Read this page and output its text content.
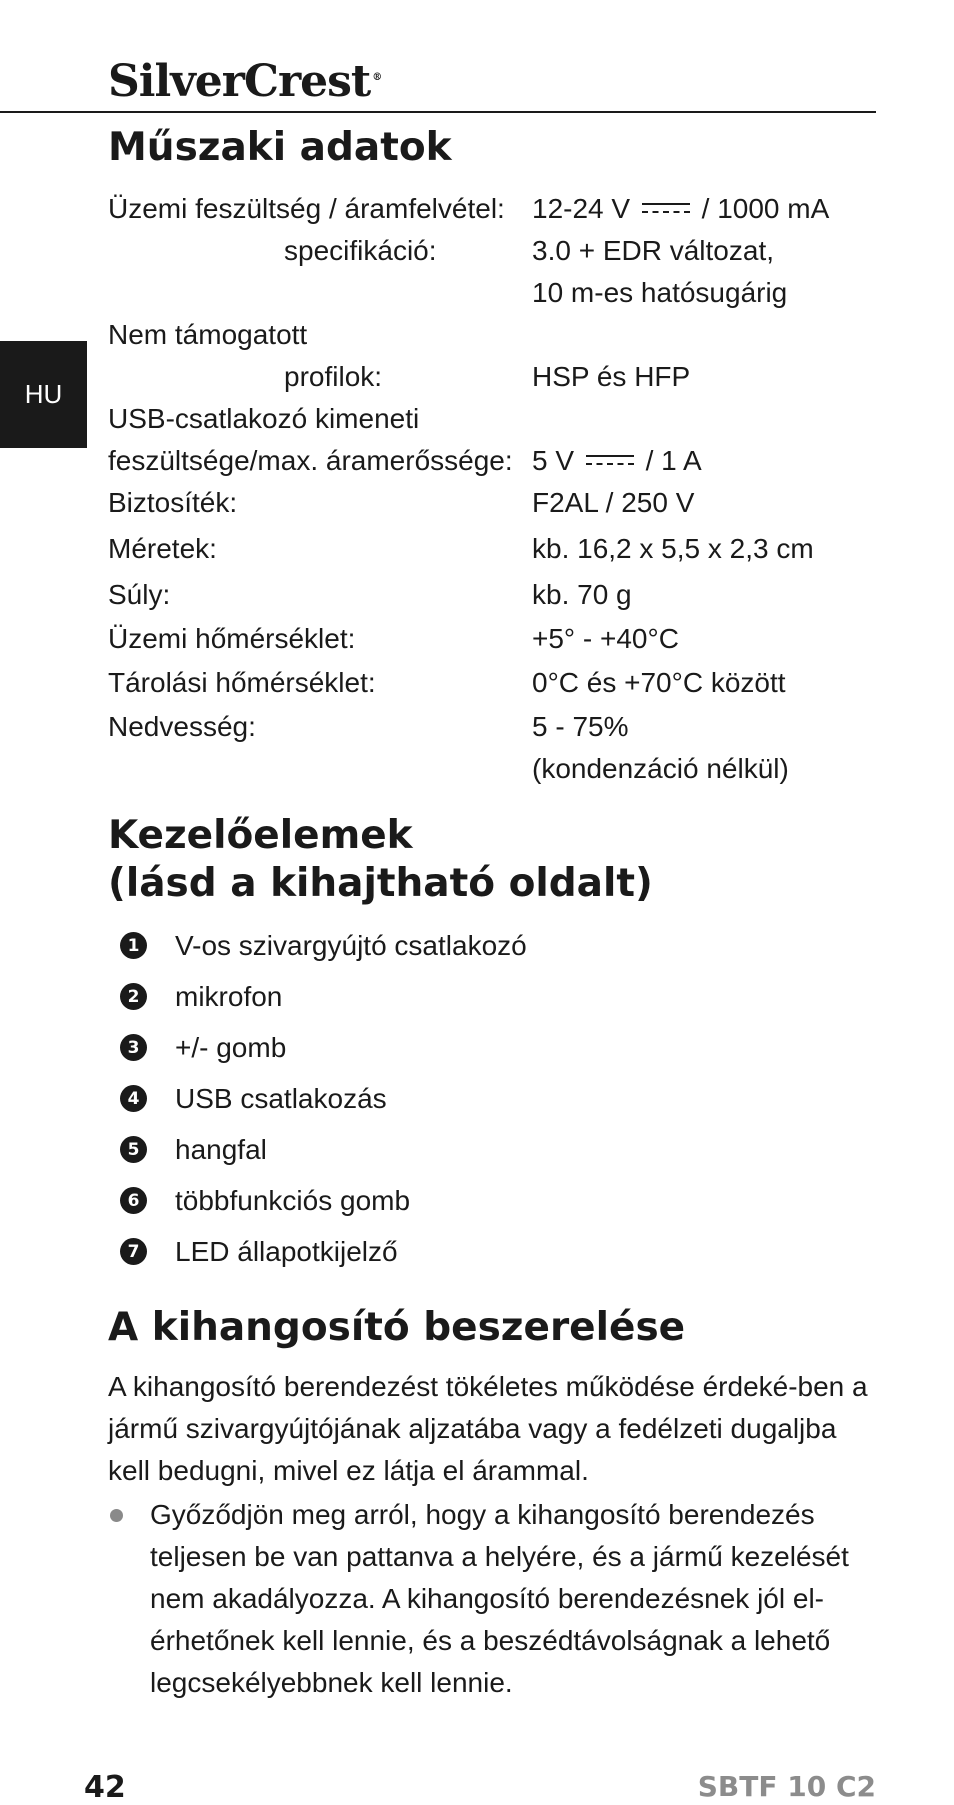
SilverCrest ®
HU
Műszaki adatok
Üzemi feszültség / áramfelvétel: 12-24 V	/ 1000 mA
specifikáció:	3.0 + EDR változat,
10 m-es hatósugárig
Nem támogatott
profilok:	HSP és HFP
USB-csatlakozó kimeneti
feszültsége/max. áramerőssége: 5 V	/ 1 A
Biztosíték:	F2AL / 250 V
Méretek:	kb. 16,2 x 5,5 x 2,3 cm
Súly:	kb. 70 g
Üzemi hőmérséklet:	+5° - +40°C
Tárolási hőmérséklet:	0°C és +70°C között
Nedvesség:	5 - 75%
(kondenzáció nélkül)
Kezelőelemek
(lásd a kihajtható oldalt)
1 V-os szivargyújtó csatlakozó
2 mikrofon
3 +/- gomb
4 USB csatlakozás
5 hangfal
6 többfunkciós gomb
7 LED állapotkijelző
A kihangosító beszerelése

A kihangosító berendezést tökéletes működése érdeké-ben a jármű szivargyújtójának aljzatába vagy a fedélzeti dugaljba kell bedugni, mivel ez látja el árammal.

Győződjön meg arról, hogy a kihangosító berendezés teljesen be van pattanva a helyére, és a jármű kezelését nem akadályozza. A kihangosító berendezésnek jól el-érhetőnek kell lennie, és a beszédtávolságnak a lehető legcsekélyebbnek kell lennie.
42	SBTF 10 C2
